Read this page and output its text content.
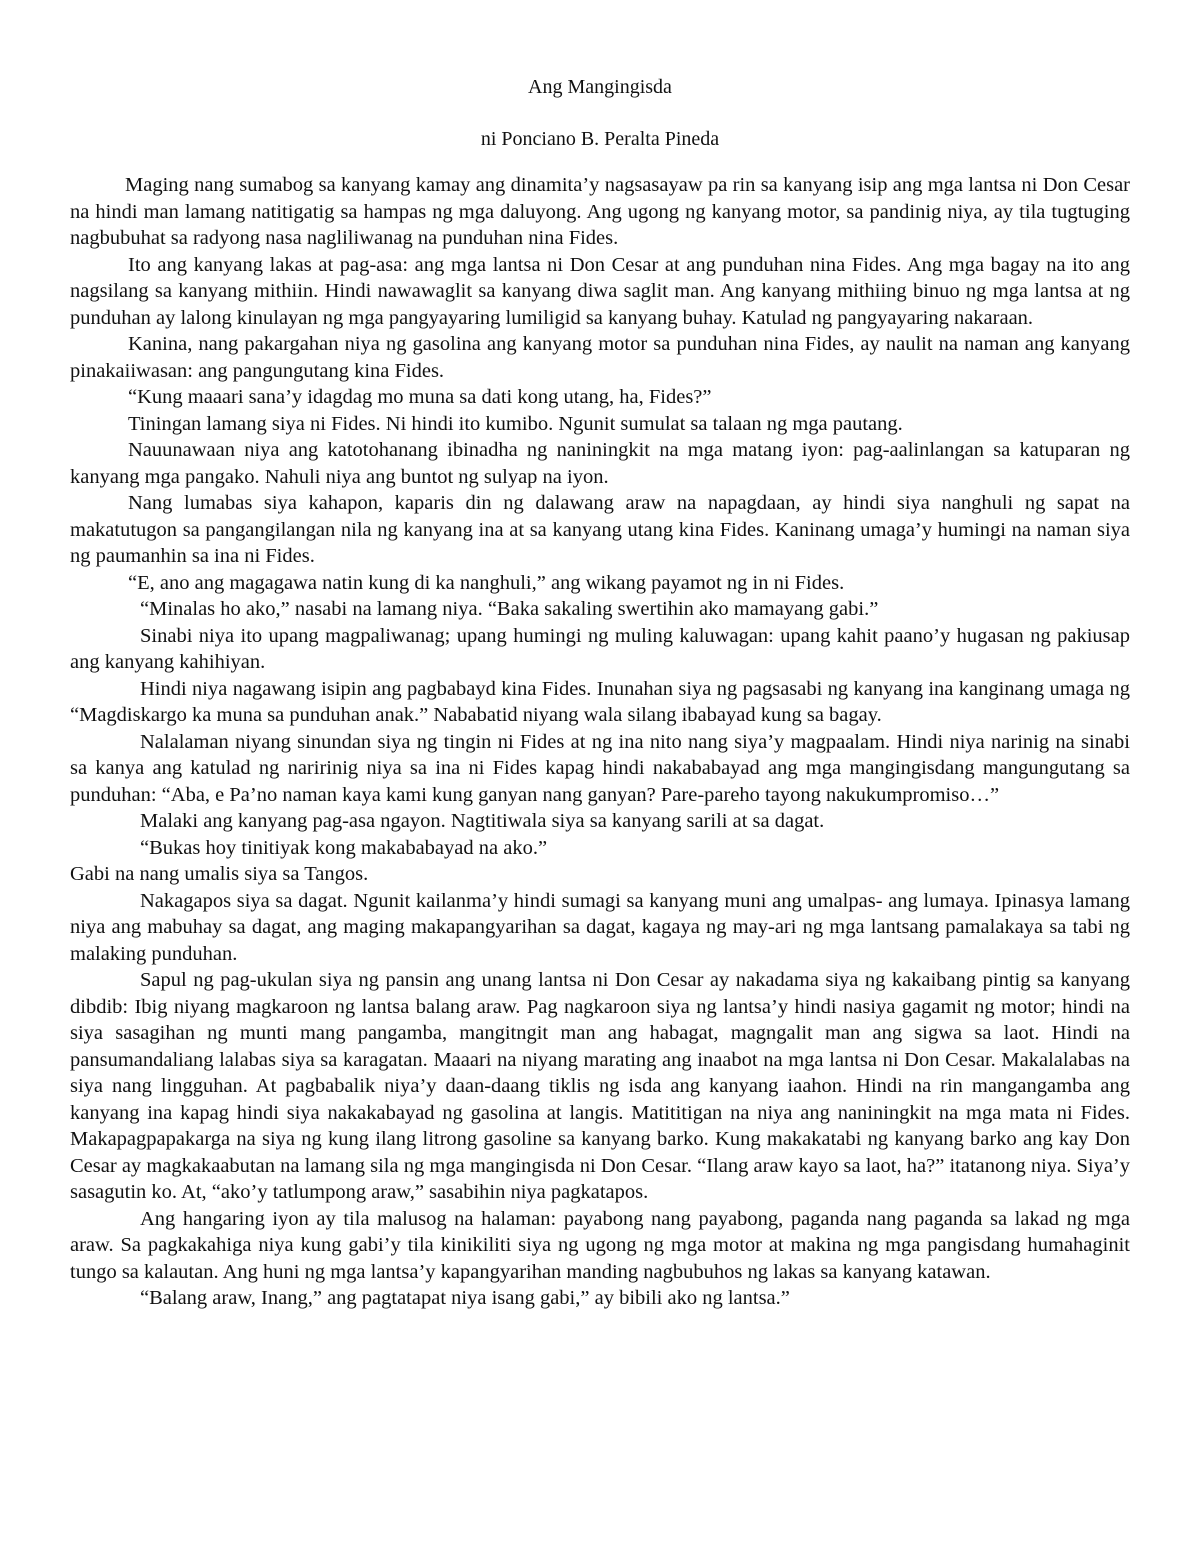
Ang Mangingisda
ni Ponciano B. Peralta Pineda

Maging nang sumabog sa kanyang kamay ang dinamita’y nagsasayaw pa rin sa kanyang isip ang mga lantsa ni Don Cesar na hindi man lamang natitigatig sa hampas ng mga daluyong. Ang ugong ng kanyang motor, sa pandinig niya, ay tila tugtuging nagbubuhat sa radyong nasa nagliliwanag na punduhan nina Fides.

Ito ang kanyang lakas at pag-asa: ang mga lantsa ni Don Cesar at ang punduhan nina Fides. Ang mga bagay na ito ang nagsilang sa kanyang mithiin. Hindi nawawaglit sa kanyang diwa saglit man. Ang kanyang mithiing binuo ng mga lantsa at ng punduhan ay lalong kinulayan ng mga pangyayaring lumiligid sa kanyang buhay. Katulad ng pangyayaring nakaraan.

Kanina, nang pakargahan niya ng gasolina ang kanyang motor sa punduhan nina Fides, ay naulit na naman ang kanyang pinakaiiwasan: ang pangungutang kina Fides.

“Kung maaari sana’y idagdag mo muna sa dati kong utang, ha, Fides?”

Tiningan lamang siya ni Fides. Ni hindi ito kumibo. Ngunit sumulat sa talaan ng mga pautang.

Nauunawaan niya ang katotohanang ibinadha ng naniningkit na mga matang iyon: pag-aalinlangan sa katuparan ng kanyang mga pangako. Nahuli niya ang buntot ng sulyap na iyon.

Nang lumabas siya kahapon, kaparis din ng dalawang araw na napagdaan, ay hindi siya nanghuli ng sapat na makatutugon sa pangangilangan nila ng kanyang ina at sa kanyang utang kina Fides. Kaninang umaga’y humingi na naman siya ng paumanhin sa ina ni Fides.

“E, ano ang magagawa natin kung di ka nanghuli,” ang wikang payamot ng in ni Fides.

“Minalas ho ako,” nasabi na lamang niya. “Baka sakaling swertihin ako mamayang gabi.”

Sinabi niya ito upang magpaliwanag; upang humingi ng muling kaluwagan: upang kahit paano’y hugasan ng pakiusap ang kanyang kahihiyan.

Hindi niya nagawang isipin ang pagbabayd kina Fides. Inunahan siya ng pagsasabi ng kanyang ina kanginang umaga ng “Magdiskargo ka muna sa punduhan anak.” Nababatid niyang wala silang ibabayad kung sa bagay.

Nalalaman niyang sinundan siya ng tingin ni Fides at ng ina nito nang siya’y magpaalam. Hindi niya narinig na sinabi sa kanya ang katulad ng naririnig niya sa ina ni Fides kapag hindi nakababayad ang mga mangingisdang mangungutang sa punduhan: “Aba, e Pa’no naman kaya kami kung ganyan nang ganyan? Pare-pareho tayong nakukumpromiso…”

Malaki ang kanyang pag-asa ngayon. Nagtitiwala siya sa kanyang sarili at sa dagat.

“Bukas hoy tinitiyak kong makababayad na ako.”

Gabi na nang umalis siya sa Tangos.

Nakagapos siya sa dagat. Ngunit kailanma’y hindi sumagi sa kanyang muni ang umalpas- ang lumaya. Ipinasya lamang niya ang mabuhay sa dagat, ang maging makapangyarihan sa dagat, kagaya ng may-ari ng mga lantsang pamalakaya sa tabi ng malaking punduhan.

Sapul ng pag-ukulan siya ng pansin ang unang lantsa ni Don Cesar ay nakadama siya ng kakaibang pintig sa kanyang dibdib: Ibig niyang magkaroon ng lantsa balang araw. Pag nagkaroon siya ng lantsa’y hindi nasiya gagamit ng motor; hindi na siya sasagihan ng munti mang pangamba, mangitngit man ang habagat, magngalit man ang sigwa sa laot. Hindi na pansumandaliang lalabas siya sa karagatan. Maaari na niyang marating ang inaabot na mga lantsa ni Don Cesar. Makalalabas na siya nang lingguhan. At pagbabalik niya’y daan-daang tiklis ng isda ang kanyang iaahon. Hindi na rin mangangamba ang kanyang ina kapag hindi siya nakakabayad ng gasolina at langis. Matititigan na niya ang naniningkit na mga mata ni Fides. Makapagpapakarga na siya ng kung ilang litrong gasoline sa kanyang barko. Kung makakatabi ng kanyang barko ang kay Don Cesar ay magkakaabutan na lamang sila ng mga mangingisda ni Don Cesar. “Ilang araw kayo sa laot, ha?” itatanong niya. Siya’y sasagutin ko. At, “ako’y tatlumpong araw,” sasabihin niya pagkatapos.

Ang hangaring iyon ay tila malusog na halaman: payabong nang payabong, paganda nang paganda sa lakad ng mga araw. Sa pagkakahiga niya kung gabi’y tila kinikiliti siya ng ugong ng mga motor at makina ng mga pangisdang humahaginit tungo sa kalautan. Ang huni ng mga lantsa’y kapangyarihan manding nagbubuhos ng lakas sa kanyang katawan.

“Balang araw, Inang,” ang pagtatapat niya isang gabi,” ay bibili ako ng lantsa.”
